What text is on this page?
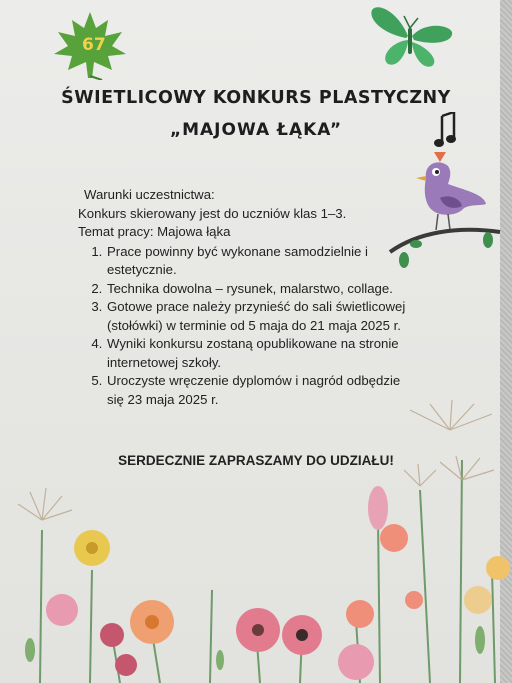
67
ŚWIETLICOWY KONKURS PLASTYCZNY
„MAJOWA ŁĄKA”

Warunki uczestnictwa:

Konkurs skierowany jest do uczniów klas 1–3.

Temat pracy: Majowa łąka

1. Prace powinny być wykonane samodzielnie i estetycznie.
2. Technika dowolna – rysunek, malarstwo, collage.
3. Gotowe prace należy przynieść do sali świetlicowej (stołówki) w terminie od 5 maja do 21 maja 2025 r.
4. Wyniki konkursu zostaną opublikowane na stronie internetowej szkoły.
5. Uroczyste wręczenie dyplomów i nagród odbędzie się 23 maja 2025 r.

SERDECZNIE ZAPRASZAMY DO UDZIAŁU!
